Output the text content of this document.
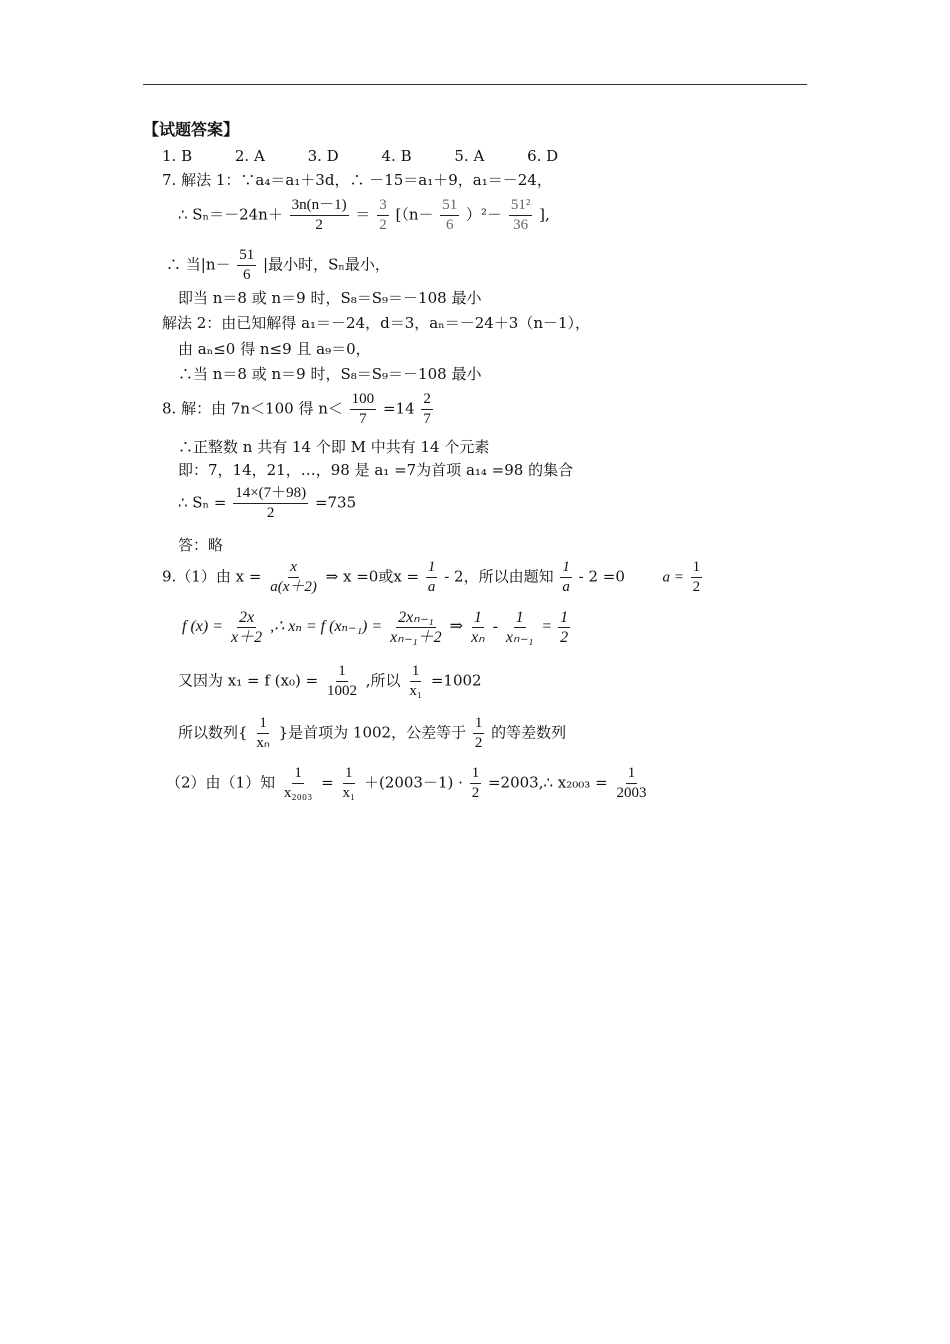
【试题答案】
1. B	2. A	3. D	4. B	5. A	6. D
7. 解法 1：∵a₄＝a₁＋3d，∴ －15＝a₁＋9，a₁＝－24，
∴ $S_n=-24n+ \frac{3n(n-1)}{2} = \frac{3}{2} [(n- \frac{51}{6} )^2- \frac{\text{51²}}{36}$ ],
∴ 当$|n- \frac{51}{6}$ |最小时，Sₙ最小，
即当 n＝8 或 n＝9 时，S₈＝S₉＝－108 最小
解法 2：由已知解得 a₁＝－24，d＝3，aₙ＝－24＋3（n－1），
由 aₙ≤0 得 n≤9 且 a₉＝0，
∴当 n＝8 或 n＝9 时，S₈＝S₉＝－108 最小
8. 解：由 7n＜100 得 $n< \frac{100}{7} =14 \frac{2}{7}$
∴正整数 n 共有 14 个即 M 中共有 14 个元素
即：7，14，21，…，98 是 a₁ =7为首项 a₁₄ =98 的集合
∴ $S_n = \frac{14\times(7+98)}{2} =735$
答：略
9.（1）由 $x = \frac{x}{a(x+2)}$ ⇒ x =0或$x = \frac{1}{a} - 2$，所以由题知 $\frac{1}{a} - 2 =0$	$a = \frac{1}{2}$
f $(x) = \frac{2x}{x+2}$ ,∴ xₙ = f $(x_{n-1}) = \frac{\text{2xₙ₋₁}}{\text{xₙ₋₁＋2}}$ ⇒ $\frac{1}{\text{xₙ}} - \frac{1}{\text{xₙ₋₁}} = \frac{1}{2}$
又因为 x₁ = f $(x_0) = \frac{1}{1002}$ ,所以 $\frac{1}{\text{x₁}} =1002$
所以数列{ $\frac{1}{\text{xₙ}}$ }是首项为 1002，公差等于 $\frac{1}{2}$ 的等差数列
（2）由（1）知 $\frac{1}{\text{x₂₀₀₃}} = \frac{1}{\text{x₁}} +(2003-1) \cdot \frac{1}{2}$ =2003,∴ $x_{2003} = \frac{1}{2003}$
